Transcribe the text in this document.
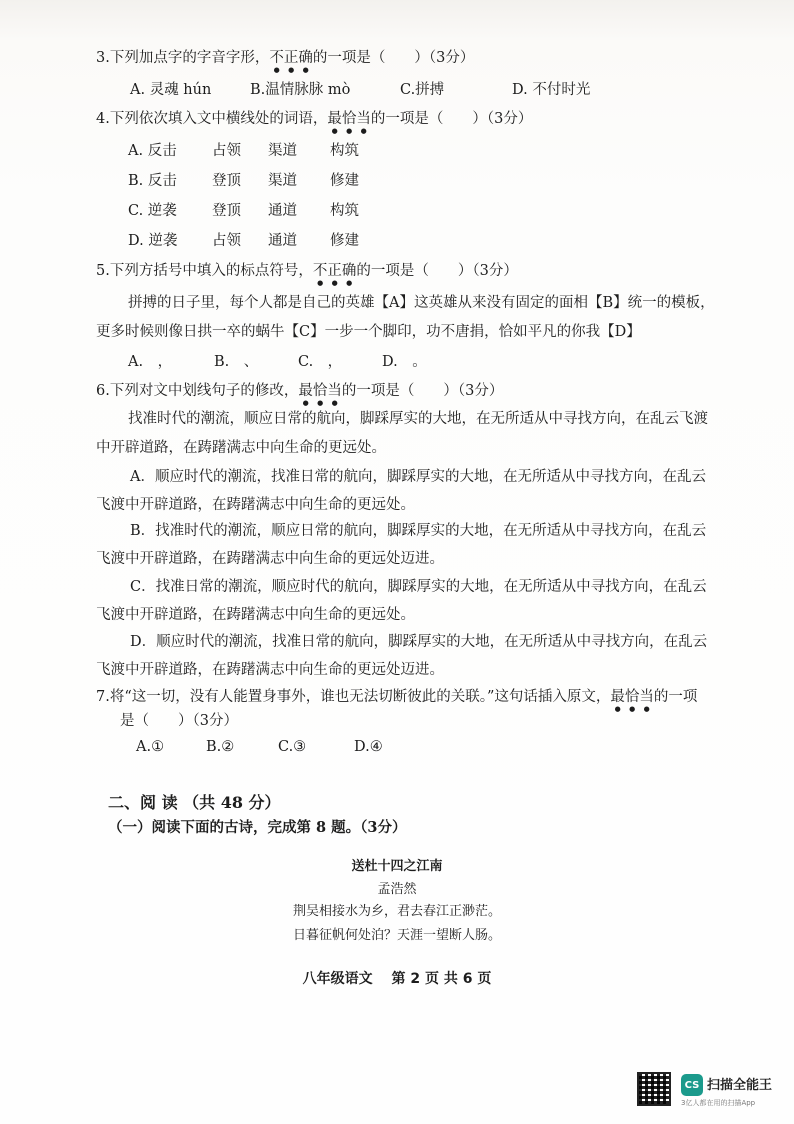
3.下列加点字的字音字形，不正确的一项是（　　）（3分）
A. 灵魂 hún	B.温情脉脉 mò	C.拼搏	D. 不付时光
4.下列依次填入文中横线处的词语，最恰当的一项是（　　）（3分）
A. 反击 占领 渠道 构筑
B. 反击 登顶 渠道 修建
C. 逆袭 登顶 通道 构筑
D. 逆袭 占领 通道 修建
5.下列方括号中填入的标点符号，不正确的一项是（　　）（3分）
拼搏的日子里，每个人都是自己的英雄【A】这英雄从来没有固定的面相【B】统一的模板，
更多时候则像日拱一卒的蜗牛【C】一步一个脚印，功不唐捐，恰如平凡的你我【D】
A.　，	B.　、	C.　，	D.　。
6.下列对文中划线句子的修改，最恰当的一项是（　　）（3分）
找准时代的潮流，顺应日常的航向，脚踩厚实的大地，在无所适从中寻找方向，在乱云飞渡
中开辟道路，在踌躇满志中向生命的更远处。
A．顺应时代的潮流，找准日常的航向，脚踩厚实的大地，在无所适从中寻找方向，在乱云
飞渡中开辟道路，在踌躇满志中向生命的更远处。
B．找准时代的潮流，顺应日常的航向，脚踩厚实的大地，在无所适从中寻找方向，在乱云
飞渡中开辟道路，在踌躇满志中向生命的更远处迈进。
C．找准日常的潮流，顺应时代的航向，脚踩厚实的大地，在无所适从中寻找方向，在乱云
飞渡中开辟道路，在踌躇满志中向生命的更远处。
D．顺应时代的潮流，找准日常的航向，脚踩厚实的大地，在无所适从中寻找方向，在乱云
飞渡中开辟道路，在踌躇满志中向生命的更远处迈进。
7.将“这一切，没有人能置身事外，谁也无法切断彼此的关联。”这句话插入原文，最恰当的一项
是（　　）（3分）
A.①	B.②	C.③	D.④
二、阅 读 （共 48 分）
（一）阅读下面的古诗，完成第 8 题。（3分）
送杜十四之江南
孟浩然
荆吴相接水为乡，君去春江正渺茫。
日暮征帆何处泊？天涯一望断人肠。
八年级语文　 第 2 页 共 6 页
CS 扫描全能王
3亿人都在用的扫描App
